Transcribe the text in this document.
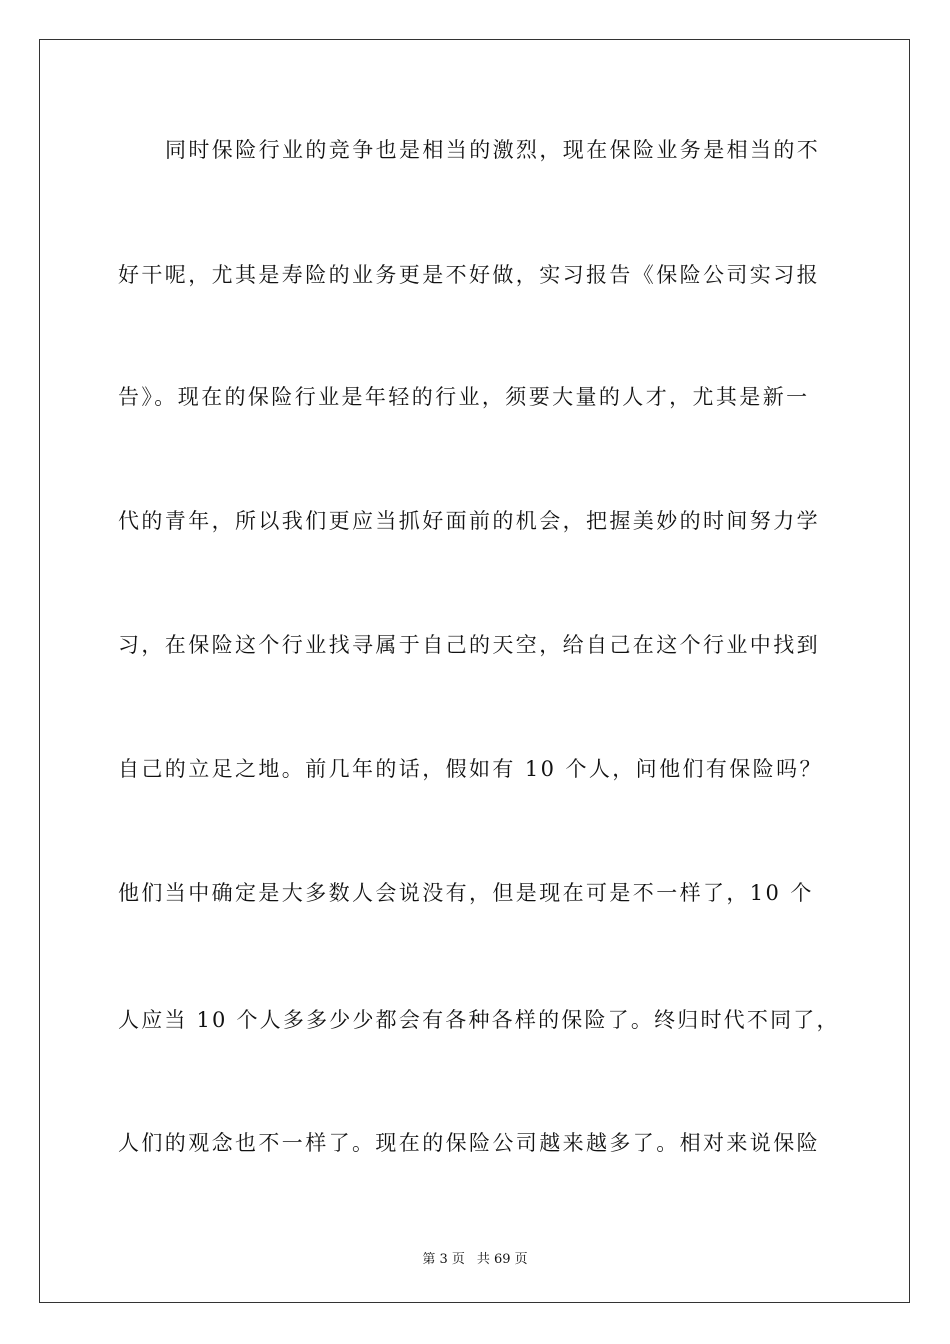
同时保险行业的竞争也是相当的激烈，现在保险业务是相当的不
好干呢，尤其是寿险的业务更是不好做，实习报告《保险公司实习报
告》。现在的保险行业是年轻的行业，须要大量的人才，尤其是新一
代的青年，所以我们更应当抓好面前的机会，把握美妙的时间努力学
习，在保险这个行业找寻属于自己的天空，给自己在这个行业中找到
自己的立足之地。前几年的话，假如有 10 个人，问他们有保险吗？
他们当中确定是大多数人会说没有，但是现在可是不一样了，10 个
人应当 10 个人多多少少都会有各种各样的保险了。终归时代不同了，
人们的观念也不一样了。现在的保险公司越来越多了。相对来说保险
第 3 页 共 69 页
